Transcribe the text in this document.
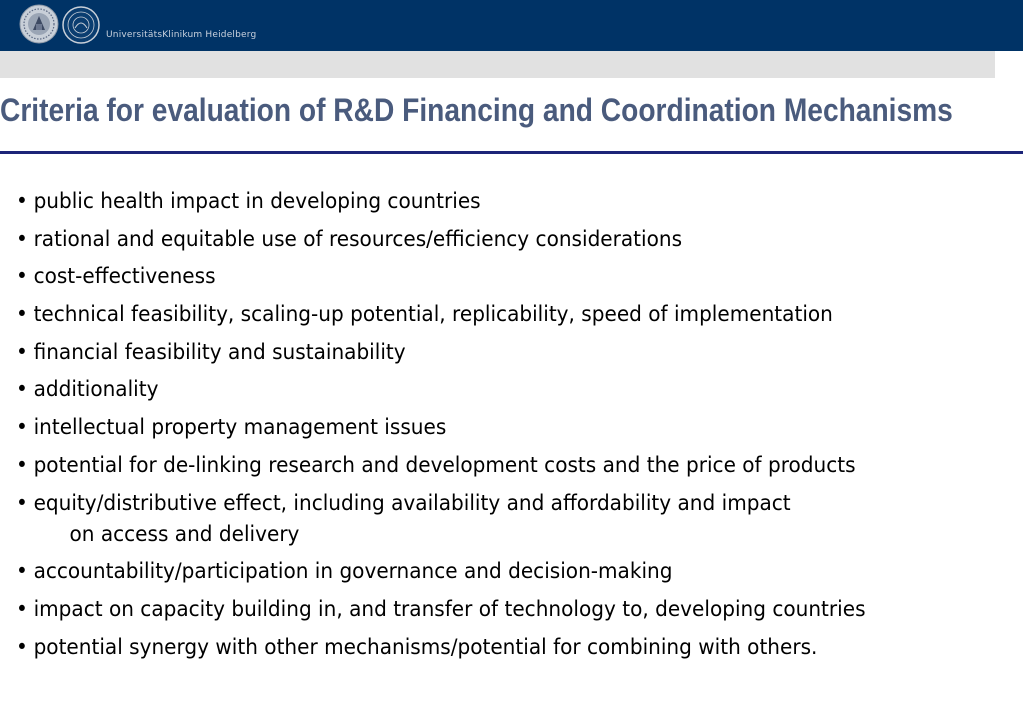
UniversitätsKlinikum Heidelberg
Criteria for evaluation of R&D Financing and Coordination Mechanisms
• public health impact in developing countries
• rational and equitable use of resources/efficiency considerations
• cost-effectiveness
• technical feasibility, scaling-up potential, replicability, speed of implementation
• financial feasibility and sustainability
• additionality
• intellectual property management issues
• potential for de-linking research and development costs and the price of products
• equity/distributive effect, including availability and affordability and impact
on access and delivery
• accountability/participation in governance and decision-making
• impact on capacity building in, and transfer of technology to, developing countries
• potential synergy with other mechanisms/potential for combining with others.
